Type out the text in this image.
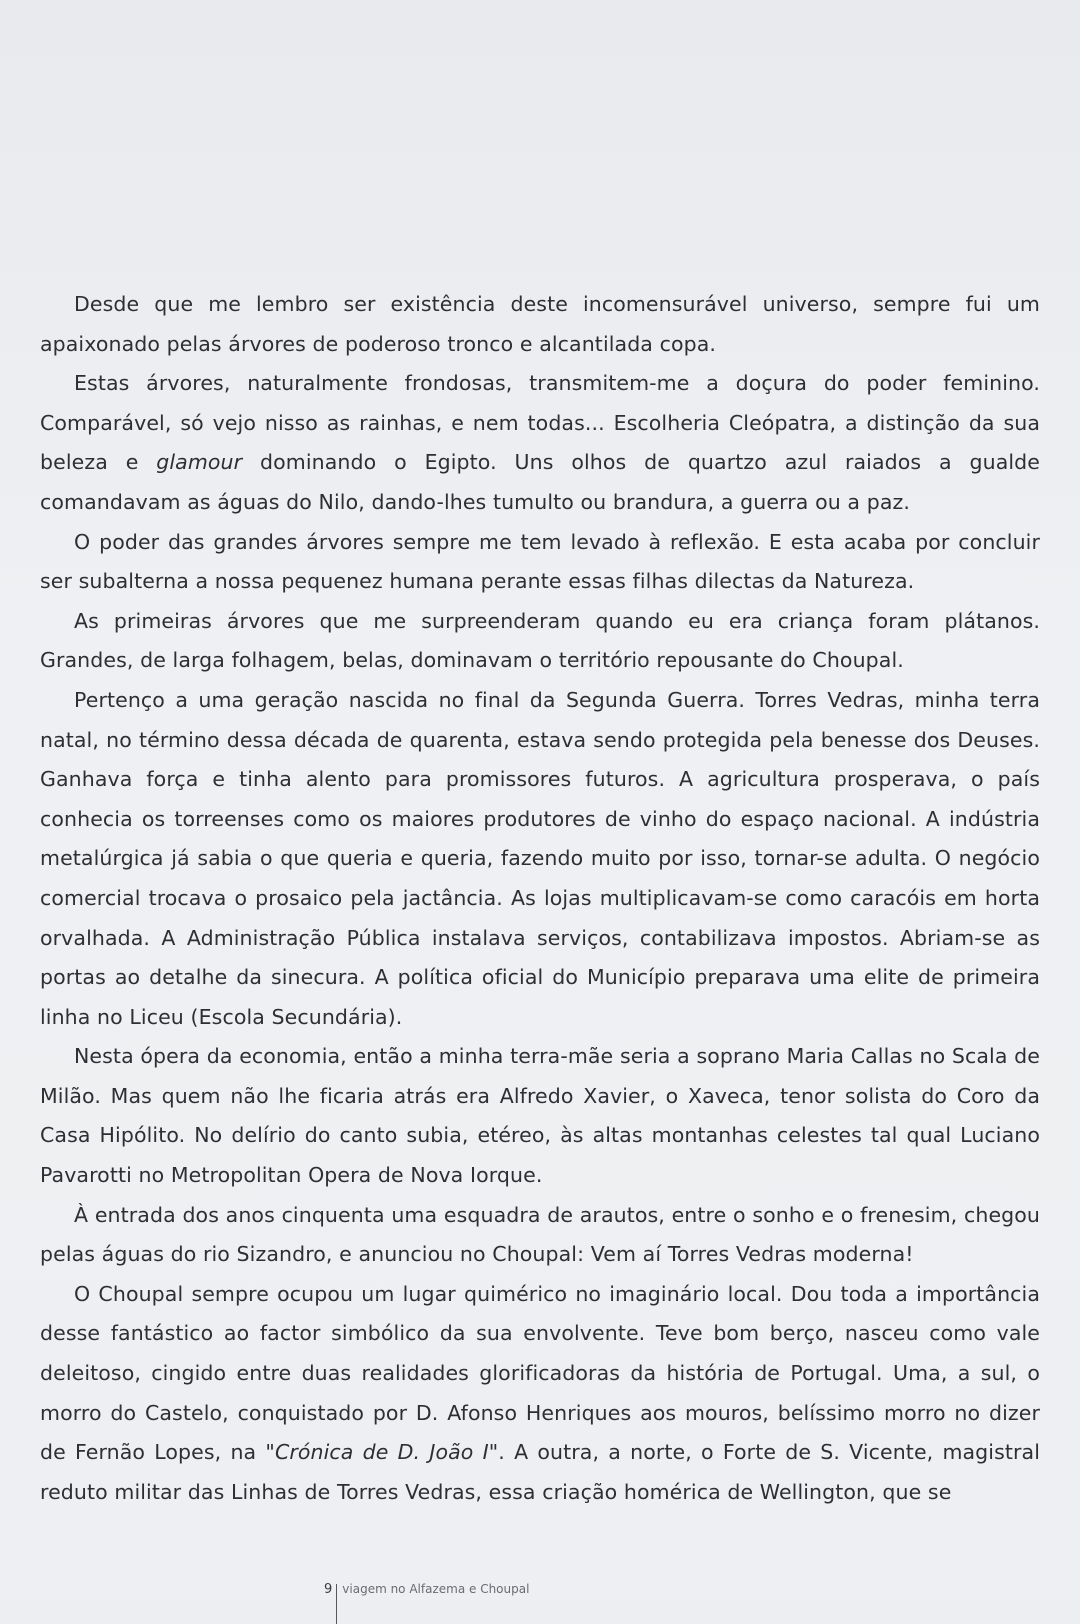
Desde que me lembro ser existência deste incomensurável universo, sempre fui um apaixonado pelas árvores de poderoso tronco e alcantilada copa.

Estas árvores, naturalmente frondosas, transmitem-me a doçura do poder feminino. Comparável, só vejo nisso as rainhas, e nem todas... Escolheria Cleópatra, a distinção da sua beleza e glamour dominando o Egipto. Uns olhos de quartzo azul raiados a gualde comandavam as águas do Nilo, dando-lhes tumulto ou brandura, a guerra ou a paz.

O poder das grandes árvores sempre me tem levado à reflexão. E esta acaba por concluir ser subalterna a nossa pequenez humana perante essas filhas dilectas da Natureza.

As primeiras árvores que me surpreenderam quando eu era criança foram plátanos. Grandes, de larga folhagem, belas, dominavam o território repousante do Choupal.

Pertenço a uma geração nascida no final da Segunda Guerra. Torres Vedras, minha terra natal, no término dessa década de quarenta, estava sendo protegida pela benesse dos Deuses. Ganhava força e tinha alento para promissores futuros. A agricultura prosperava, o país conhecia os torreenses como os maiores produtores de vinho do espaço nacional. A indústria metalúrgica já sabia o que queria e queria, fazendo muito por isso, tornar-se adulta. O negócio comercial trocava o prosaico pela jactância. As lojas multiplicavam-se como caracóis em horta orvalhada. A Administração Pública instalava serviços, contabilizava impostos. Abriam-se as portas ao detalhe da sinecura. A política oficial do Município preparava uma elite de primeira linha no Liceu (Escola Secundária).

Nesta ópera da economia, então a minha terra-mãe seria a soprano Maria Callas no Scala de Milão. Mas quem não lhe ficaria atrás era Alfredo Xavier, o Xaveca, tenor solista do Coro da Casa Hipólito. No delírio do canto subia, etéreo, às altas montanhas celestes tal qual Luciano Pavarotti no Metropolitan Opera de Nova Iorque.

À entrada dos anos cinquenta uma esquadra de arautos, entre o sonho e o frenesim, chegou pelas águas do rio Sizandro, e anunciou no Choupal: Vem aí Torres Vedras moderna!

O Choupal sempre ocupou um lugar quimérico no imaginário local. Dou toda a importância desse fantástico ao factor simbólico da sua envolvente. Teve bom berço, nasceu como vale deleitoso, cingido entre duas realidades glorificadoras da história de Portugal. Uma, a sul, o morro do Castelo, conquistado por D. Afonso Henriques aos mouros, belíssimo morro no dizer de Fernão Lopes, na "Crónica de D. João I". A outra, a norte, o Forte de S. Vicente, magistral reduto militar das Linhas de Torres Vedras, essa criação homérica de Wellington, que se

9 viagem no Alfazema e Choupal
